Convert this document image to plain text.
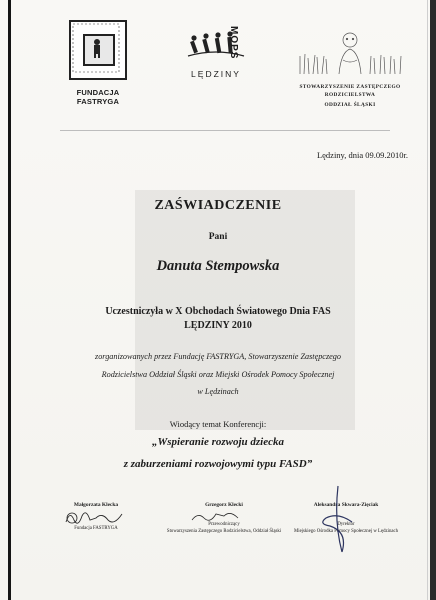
FUNDACJA FASTRYGA
MOPS
LĘDZINY
STOWARZYSZENIE ZASTĘPCZEGO RODZICIELSTWA
ODDZIAŁ ŚLĄSKI
Lędziny, dnia 09.09.2010r.
ZAŚWIADCZENIE
Pani
Danuta Stempowska
Uczestniczyła w X Obchodach Światowego Dnia FAS
LĘDZINY 2010
zorganizowanych przez Fundację FASTRYGA, Stowarzyszenie Zastępczego
Rodzicielstwa Oddział Śląski oraz Miejski Ośrodek Pomocy Społecznej
w Lędzinach
Wiodący temat Konferencji:
„Wspieranie rozwoju dziecka
z zaburzeniami rozwojowymi typu FASD”
Małgorzata Klecka
Fundacja FASTRYGA
Grzegorz Klecki
Przewodniczący
Stowarzyszenia Zastępczego Rodzicielstwa, Oddział Śląski
Aleksandra Skwara-Zięciak
Dyrektor
Miejskiego Ośrodka Pomocy Społecznej w Lędzinach
